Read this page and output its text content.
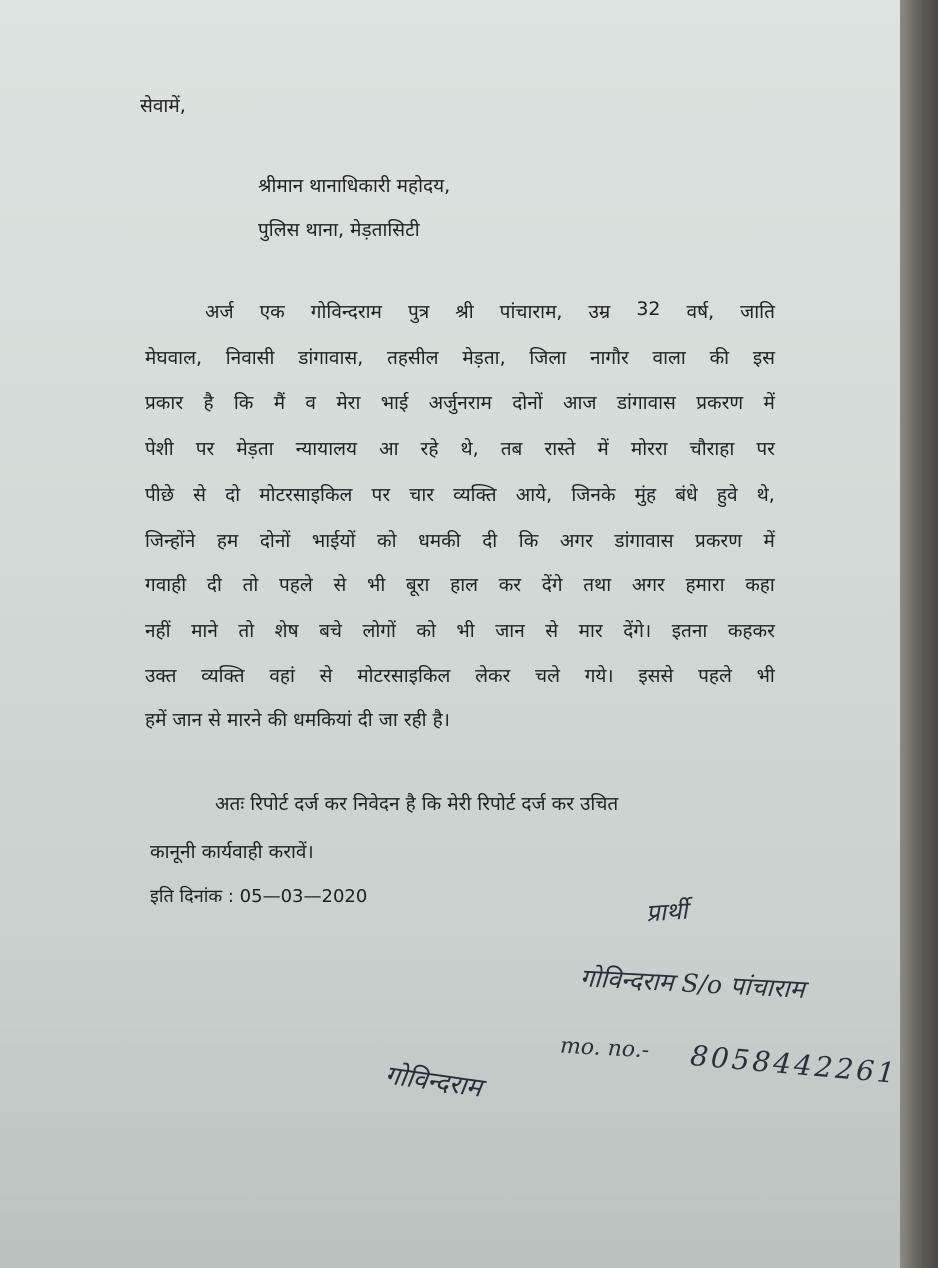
सेवामें,
श्रीमान थानाधिकारी महोदय,
पुलिस थाना, मेड़तासिटी
अर्ज एक गोविन्दराम पुत्र श्री पांचाराम, उम्र 32 वर्ष, जाति
मेघवाल, निवासी डांगावास, तहसील मेड़ता, जिला नागौर वाला की इस
प्रकार है कि मैं व मेरा भाई अर्जुनराम दोनों आज डांगावास प्रकरण में
पेशी पर मेड़ता न्यायालय आ रहे थे, तब रास्ते में मोररा चौराहा पर
पीछे से दो मोटरसाइकिल पर चार व्यक्ति आये, जिनके मुंह बंधे हुवे थे,
जिन्होंने हम दोनों भाईयों को धमकी दी कि अगर डांगावास प्रकरण में
गवाही दी तो पहले से भी बूरा हाल कर देंगे तथा अगर हमारा कहा
नहीं माने तो शेष बचे लोगों को भी जान से मार देंगे। इतना कहकर
उक्त व्यक्ति वहां से मोटरसाइकिल लेकर चले गये। इससे पहले भी
हमें जान से मारने की धमकियां दी जा रही है।
अतः रिपोर्ट दर्ज कर निवेदन है कि मेरी रिपोर्ट दर्ज कर उचित
कानूनी कार्यवाही करावें।
इति दिनांक : 05—03—2020
प्रार्थी
गोविन्दराम S/o पांचाराम
mo. no.- 8058442261
गोविन्दराम
